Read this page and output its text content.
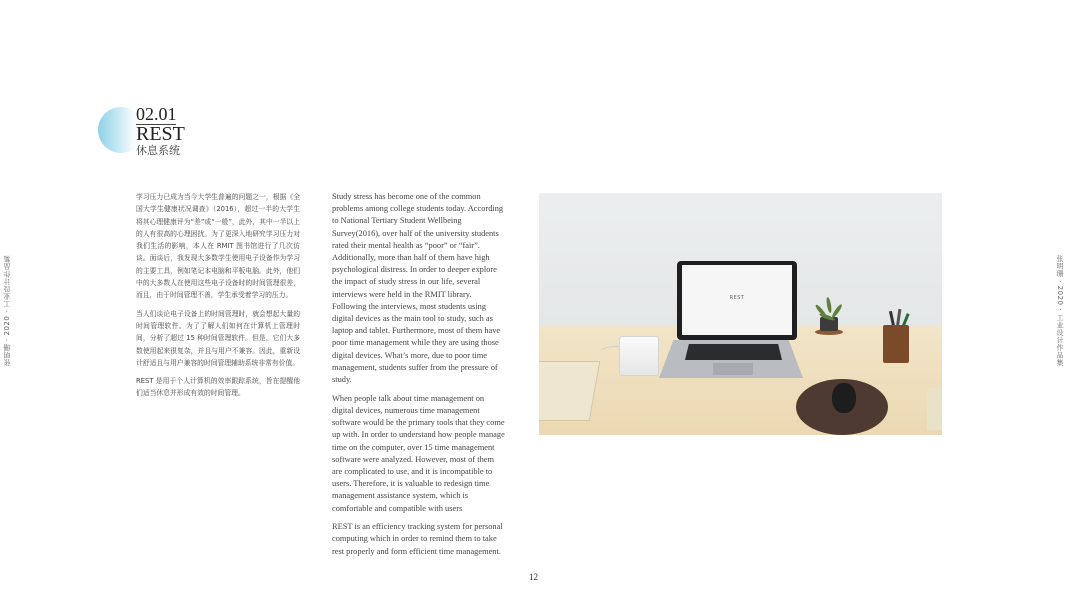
张明珊 · 2020 · 工业设计作品集	张明珊 · 2020 · 工业设计作品集
02.01
REST
休息系统

学习压力已成为当今大学生普遍的问题之一，根据《全国大学生健康状况调查》（2016），超过一半的大学生将其心理健康评为“差”或“一般”，此外，其中一半以上的人有很高的心理困扰。为了更深入地研究学习压力对我们生活的影响，本人在 RMIT 图书馆进行了几次访谈。面谈后，我发现大多数学生使用电子设备作为学习的主要工具，例如笔记本电脑和平板电脑。此外，他们中的大多数人在使用这些电子设备时的时间管理很差，而且，由于时间管理不善，学生承受着学习的压力。

当人们谈论电子设备上的时间管理时，就会想起大量的时间管理软件。为了了解人们如何在计算机上管理时间，分析了超过 15 种时间管理软件。但是，它们大多数使用起来很复杂，并且与用户不兼容。因此，重新设计舒适且与用户兼容的时间管理辅助系统非常有价值。

REST 是用于个人计算机的效率跟踪系统，旨在提醒他们适当休息并形成有效的时间管理。

Study stress has become one of the common problems among college students today. According to National Tertiary Student Wellbeing Survey(2016), over half of the university students rated their mental health as “poor” or “fair”. Additionally, more than half of them have high psychological distress. In order to deeper explore the impact of study stress in our life, several interviews were held in the RMIT library. Following the interviews, most students using digital devices as the main tool to study, such as laptop and tablet. Furthermore, most of them have poor time management while they are using those digital devices. What’s more, due to poor time management, students suffer from the pressure of study.

When people talk about time management on digital devices, numerous time management software would be the primary tools that they come up with. In order to understand how people manage time on the computer, over 15 time management software were analyzed. However, most of them are complicated to use, and it is incompatible to users. Therefore, it is valuable to redesign time management assistance system, which is comfortable and compatible with users

REST is an efficiency tracking system for personal computing which in order to remind them to take rest properly and form efficient time management.

REST
12
